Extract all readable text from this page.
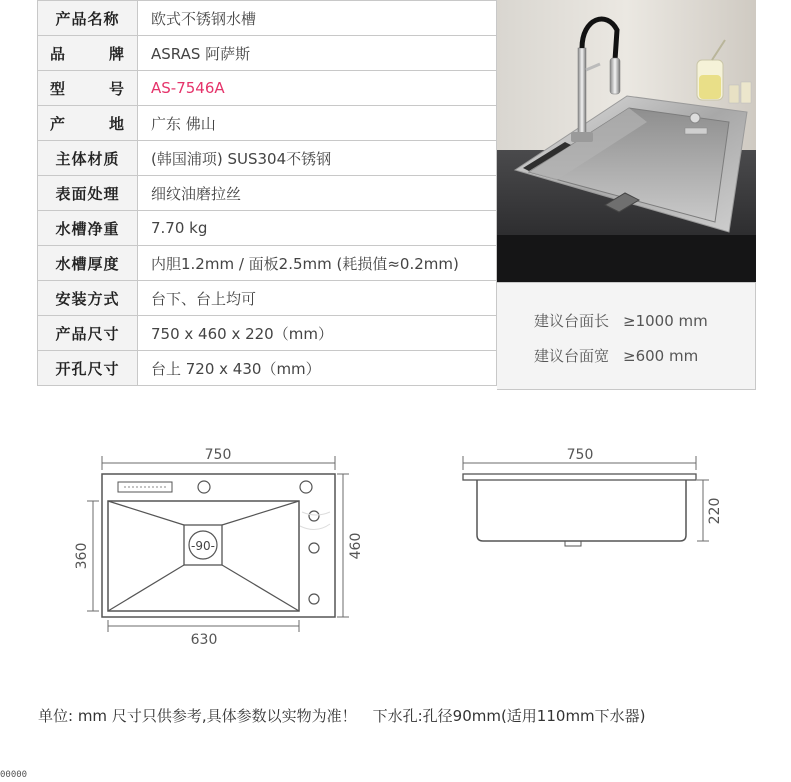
产品名称	欧式不锈钢水槽
品牌	ASRAS 阿萨斯
型号	AS-7546A
产地	广东 佛山
主体材质	(韩国浦项) SUS304不锈钢
表面处理	细纹油磨拉丝
水槽净重	7.70 kg
水槽厚度	内胆1.2mm / 面板2.5mm (耗损值≈0.2mm)
安装方式	台下、台上均可
产品尺寸	750 x 460 x 220（mm）
开孔尺寸	台上 720 x 430（mm）
建议台面长 ≥1000 mm
建议台面宽 ≥600 mm
750
-90-
360	460
630
750
220
单位: mm 尺寸只供参考,具体参数以实物为准！ 下水孔:孔径90mm(适用110mm下水器)
00000
